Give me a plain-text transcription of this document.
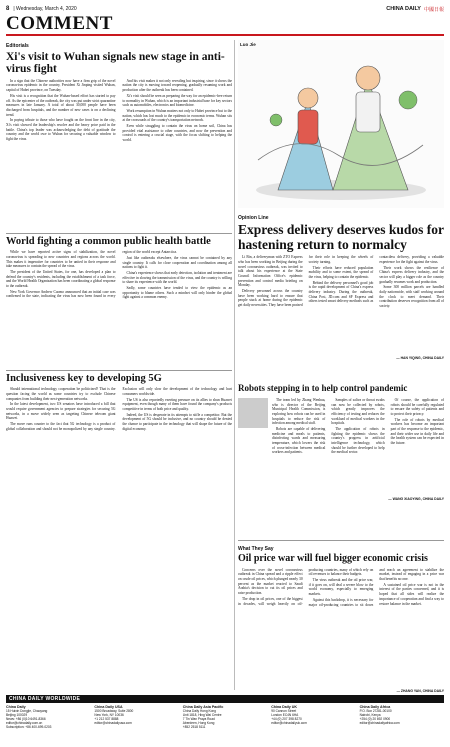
8 | Wednesday, March 4, 2020	CHINA DAILY 中國日報
COMMENT
Editorials
Xi's visit to Wuhan signals new stage in anti-virus fight

In a sign that the Chinese authorities now have a firm grip of the novel coronavirus epidemic in the country, President Xi Jinping visited Wuhan, capital of Hubei province, on Tuesday.

His visit is a recognition that the Wuhan-based effort has started to pay off. As the epicenter of the outbreak, the city was put under strict quarantine measures in late January. A total of about 30,000 people have been discharged from hospitals, and the number of new cases is on a declining trend.

In paying tribute to those who have fought on the front line in the city, Xi's visit showed the leadership's resolve and the heavy price paid in the battle. China's top leader was acknowledging the debt of gratitude the country and the world owe to Wuhan for securing a valuable window to fight the virus.

And his visit makes it not only revealing but inspiring, since it shows the nation the city is moving toward reopening, gradually resuming work and production after the outbreak has been contained.

Xi's visit should be seen as preparing the way for an epidemic-free return to normality in Wuhan, which is an important industrial base for key sectors such as automobiles, electronics and biomedicine.

Work resumption in Wuhan matters not only to Hubei province but to the nation, which has lost much to the epidemic in economic terms. Wuhan sits at the crossroads of the country's transportation network.

Even while struggling to contain the virus on home soil, China has provided vital assistance to other countries, and now the prevention and control is entering a crucial stage, with the focus shifting to helping the world.

Luo Jie
World fighting a common public health battle

While we have reported active signs of stabilization, the novel coronavirus is spreading to new countries and regions across the world. This makes it imperative for countries to be united in their response and take measures to contain the spread of the virus.

The president of the United States, for one, has developed a plan to defend the country's residents, including the establishment of a task force, and the World Health Organization has been coordinating a global response to the outbreak.

New York Governor Andrew Cuomo announced that an initial case was confirmed in the state, indicating the virus has now been found in every region of the world except Antarctica.

Just like outbreaks elsewhere, the virus cannot be contained by any single country. It calls for close cooperation and coordination among all nations to fight it.

China's experience shows that early detection, isolation and treatment are effective in slowing the transmission of the virus, and the country is willing to share its experience with the world.

Sadly, some countries have tended to view the epidemic as an opportunity to blame others. Such a mindset will only hinder the global fight against a common enemy.

Inclusiveness key to developing 5G

Should international technology cooperation be politicized? That is the question facing the world as some countries try to exclude Chinese companies from building their next-generation networks.

In the latest development, two US senators have introduced a bill that would require government agencies to prepare strategies for securing 5G networks, in a move widely seen as targeting Chinese telecom giant Huawei.

The move runs counter to the fact that 5G technology is a product of global collaboration and should not be monopolized by any single country. Exclusion will only slow the development of the technology and hurt consumers worldwide.

The US is also reportedly exerting pressure on its allies to shun Huawei equipment, even though many of them have found the company's products competitive in terms of both price and quality.

Indeed, the US is desperate in its attempts to stifle a competitor. But the development of 5G should be inclusive, and no country should be denied the chance to participate in the technology that will shape the future of the digital economy.

Opinion Line
Express delivery deserves kudos for hastening return to normalcy

Li Bin, a deliveryman with ZTO Express who has been working in Beijing during the novel coronavirus outbreak, was invited to talk about his experience at the State Council Information Office's epidemic prevention and control media briefing on Monday.

Delivery personnel across the country have been working hard to ensure that people stuck at home during the epidemic get daily necessities. They have been praised for their role in keeping the wheels of society turning.

Their efforts have reduced population mobility and to some extent, the spread of the virus, helping to contain the epidemic.

Behind the delivery personnel's good job is the rapid development of China's express delivery industry. During the outbreak, China Post, JD.com and SF Express and others tested smart delivery methods such as contactless delivery, providing a valuable experience for the fight against the virus.

Their work shows the resilience of China's express delivery industry, and the sector will play a bigger role as the country gradually resumes work and production.

Some 300 million parcels are handled daily nationwide, with staff working around the clock to meet demand. Their contribution deserves recognition from all of society.

— HAN YIQING, CHINA DAILY
Robots stepping in to help control pandemic

The team led by Zhang Wenhua, who is director of the Beijing Municipal Health Commission, is exploring how robots can be used in hospitals to reduce the risk of infection among medical staff.

Robots are capable of delivering medicine and meals to patients, disinfecting wards and measuring temperature, which lowers the risk of cross-infection between medical workers and patients.

Samples of saliva or throat swabs can now be collected by robots, which greatly improves the efficiency of testing and reduces the workload of medical workers in the hospitals.

The application of robots in fighting the epidemic shows the country's progress in artificial intelligence technology, which should be further developed to help the medical sector.

Of course, the application of robots should be carefully regulated to ensure the safety of patients and to protect their privacy.

The role of robots by medical workers has become an important part of the response to the epidemic, and their wider use in daily life and the health system can be expected in the future.

— WANG XIAOYING, CHINA DAILY
What They Say
Oil price war will fuel bigger economic crisis

Concerns over the novel coronavirus outbreak in China spread and a ripple effect on crude oil prices, which plunged nearly 30 percent as the market reacted to Saudi Arabia's decision to cut its oil prices and raise production.

The drop in oil prices, one of the biggest in decades, will weigh heavily on oil-producing countries, many of which rely on oil revenues to balance their budgets.

The virus outbreak and the oil price war, if it goes on, will deal a severe blow to the world economy, especially to emerging markets.

Against this backdrop, it is necessary for major oil-producing countries to sit down and reach an agreement to stabilize the market, instead of engaging in a price war that benefits no one.

A sustained oil price war is not in the interest of the parties concerned, and it is hoped that all sides will realize the importance of cooperation and find a way to restore balance in the market.

— ZHANG YAN, CHINA DAILY
CHINA DAILY WORLDWIDE
China Daily
15 Huixin Dongjie, Chaoyang
Beijing 100029
News: +86 (0)10 6491-8366
editor@chinadaily.com.cn
Subscription: +86 400-699-0203
China Daily USA
1500 Broadway, Suite 2800
New York, NY 10036
+1 212 537 8888
editor@chinadailyusa.com
China Daily Asia Pacific
China Daily Hong Kong
Unit 1818, Hing Wai Centre
7 Tin Wan Praya Road
Aberdeen, Hong Kong
+852 2518 5111
China Daily UK
90 Cannon Street
London EC4N 6HA
+44 (0) 207 398 8270
editor@chinadailyuk.com
China Daily Africa
P.O. Box 27281-00100
Nairobi, Kenya
+254 (0) 20 692 0900
editor@chinadailyafrica.com
